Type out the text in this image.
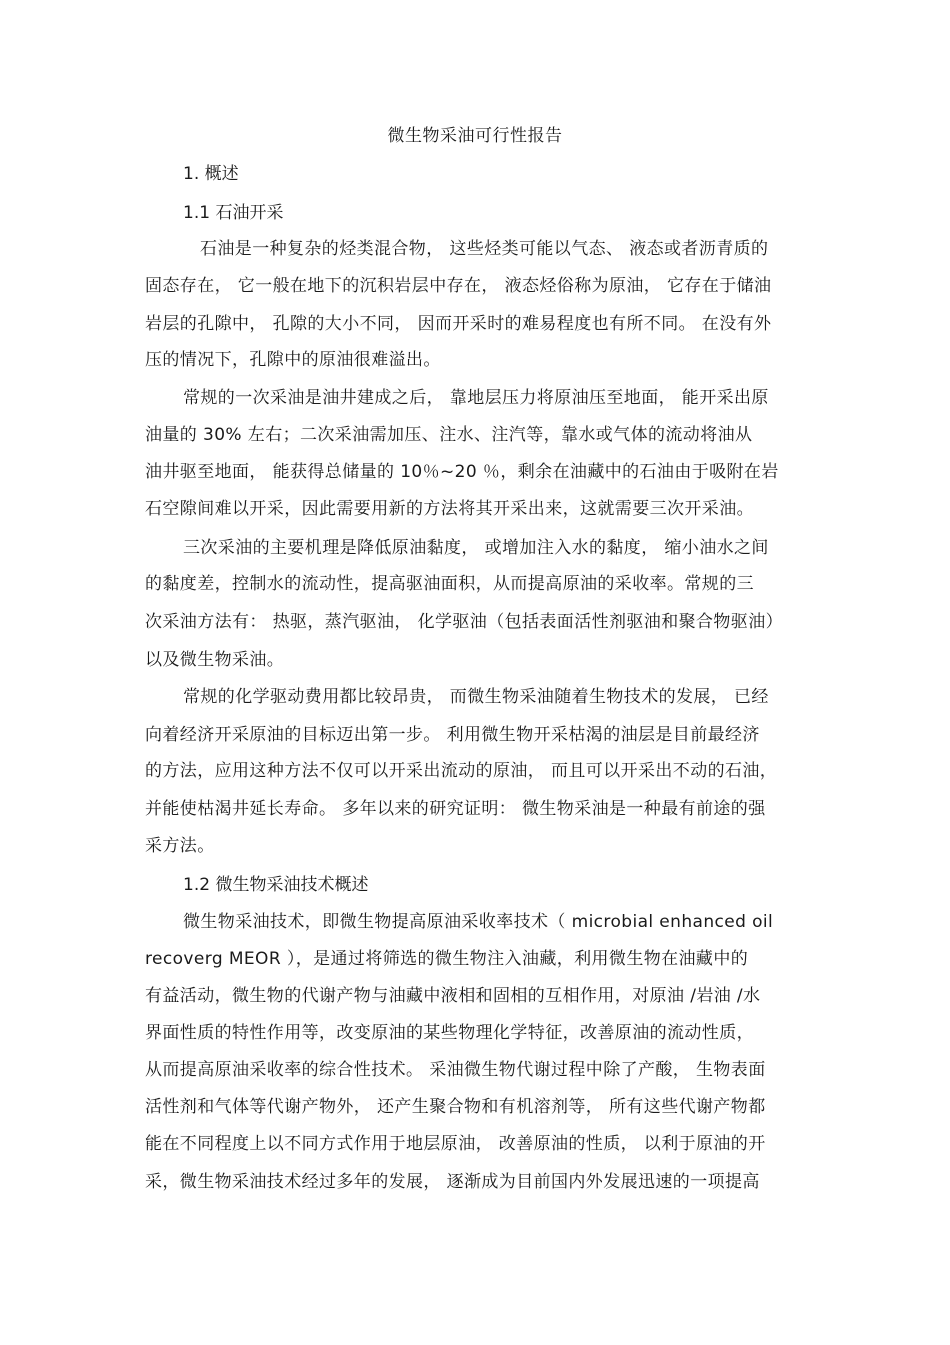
微生物采油可行性报告
1. 概述
1.1 石油开采
石油是一种复杂的烃类混合物， 这些烃类可能以气态、 液态或者沥青质的
固态存在， 它一般在地下的沉积岩层中存在， 液态烃俗称为原油， 它存在于储油
岩层的孔隙中， 孔隙的大小不同， 因而开采时的难易程度也有所不同。 在没有外
压的情况下，孔隙中的原油很难溢出。
常规的一次采油是油井建成之后， 靠地层压力将原油压至地面， 能开采出原
油量的 30% 左右；二次采油需加压、注水、注汽等，靠水或气体的流动将油从
油井驱至地面， 能获得总储量的 10％~20 ％，剩余在油藏中的石油由于吸附在岩
石空隙间难以开采，因此需要用新的方法将其开采出来，这就需要三次开采油。
三次采油的主要机理是降低原油黏度， 或增加注入水的黏度， 缩小油水之间
的黏度差，控制水的流动性，提高驱油面积，从而提高原油的采收率。常规的三
次采油方法有： 热驱，蒸汽驱油， 化学驱油（包括表面活性剂驱油和聚合物驱油）
以及微生物采油。
常规的化学驱动费用都比较昂贵， 而微生物采油随着生物技术的发展， 已经
向着经济开采原油的目标迈出第一步。 利用微生物开采枯渴的油层是目前最经济
的方法，应用这种方法不仅可以开采出流动的原油， 而且可以开采出不动的石油，
并能使枯渴井延长寿命。 多年以来的研究证明： 微生物采油是一种最有前途的强
采方法。
1.2 微生物采油技术概述
微生物采油技术，即微生物提高原油采收率技术（ microbial enhanced oil
recoverg MEOR ），是通过将筛选的微生物注入油藏，利用微生物在油藏中的
有益活动，微生物的代谢产物与油藏中液相和固相的互相作用，对原油 /岩油 /水
界面性质的特性作用等，改变原油的某些物理化学特征，改善原油的流动性质，
从而提高原油采收率的综合性技术。 采油微生物代谢过程中除了产酸， 生物表面
活性剂和气体等代谢产物外， 还产生聚合物和有机溶剂等， 所有这些代谢产物都
能在不同程度上以不同方式作用于地层原油， 改善原油的性质， 以利于原油的开
采，微生物采油技术经过多年的发展， 逐渐成为目前国内外发展迅速的一项提高
